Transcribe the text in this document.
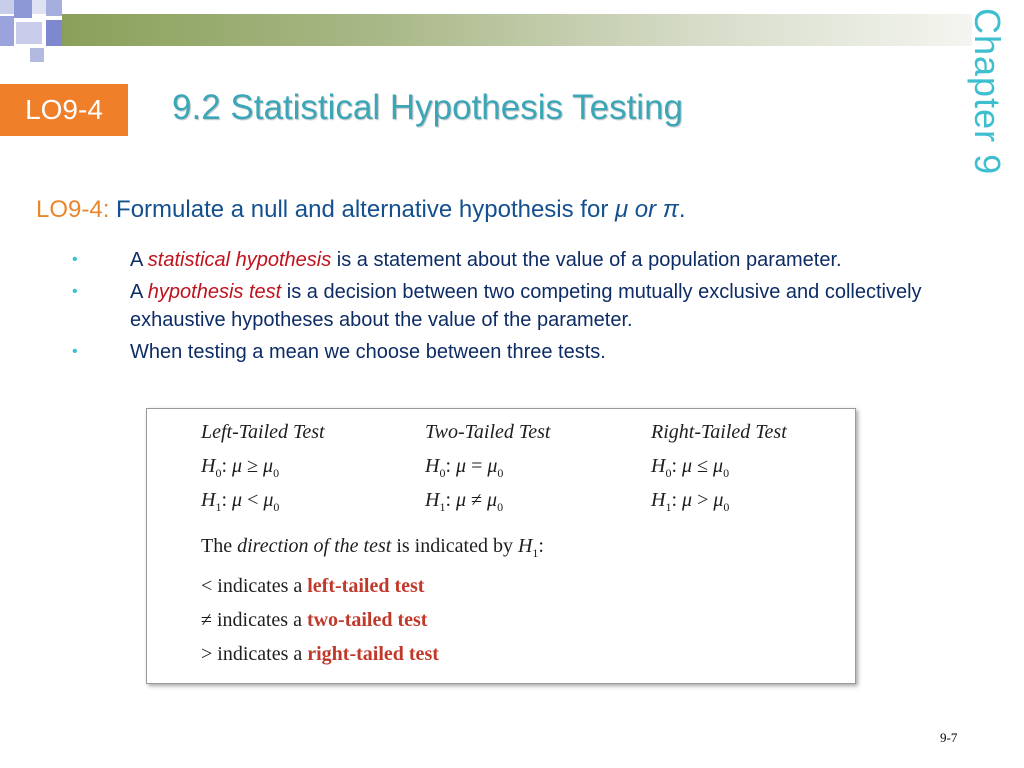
LO9-4	9.2 Statistical Hypothesis Testing	Chapter 9
LO9-4: Formulate a null and alternative hypothesis for μ or π.
•	A statistical hypothesis is a statement about the value of a population parameter.
•	A hypothesis test is a decision between two competing mutually exclusive and collectively exhaustive hypotheses about the value of the parameter.
•	When testing a mean we choose between three tests.
Left-Tailed Test	Two-Tailed Test	Right-Tailed Test
$H_0$: $\mu \ge \mu_0$	$H_0$: $\mu = \mu_0$	$H_0$: $\mu \le \mu_0$
$H_1$: $\mu < \mu_0$	$H_1$: $\mu \ne \mu_0$	$H_1$: $\mu > \mu_0$
The direction of the test is indicated by $H_1$:
< indicates a left-tailed test
≠ indicates a two-tailed test
> indicates a right-tailed test
9-7
